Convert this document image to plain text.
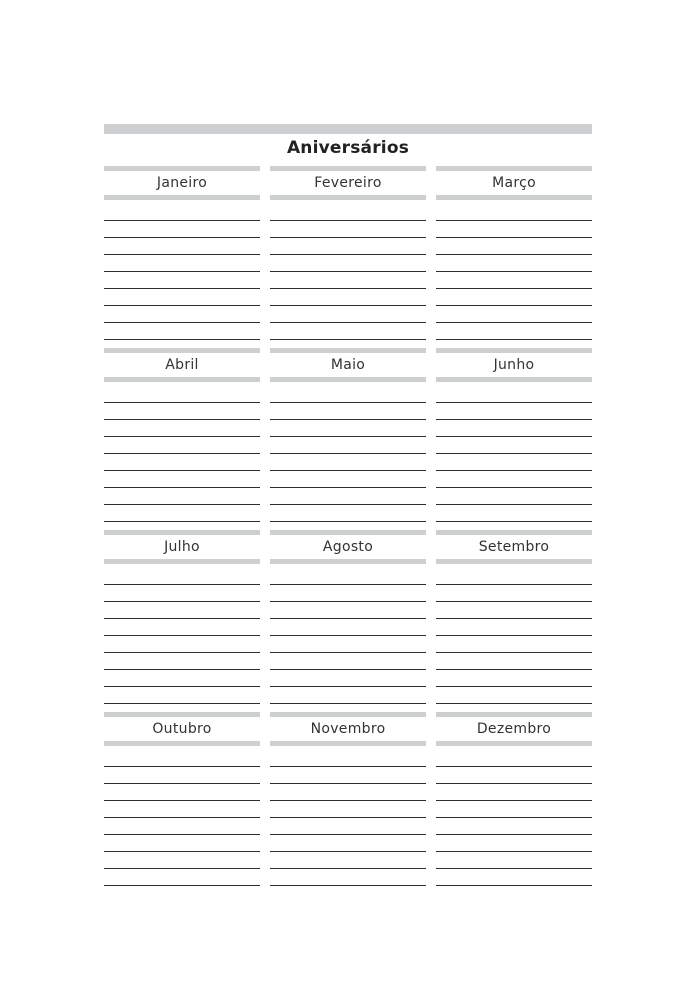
Aniversários
Janeiro	Fevereiro	Março
Abril	Maio	Junho
Julho	Agosto	Setembro
Outubro	Novembro	Dezembro
